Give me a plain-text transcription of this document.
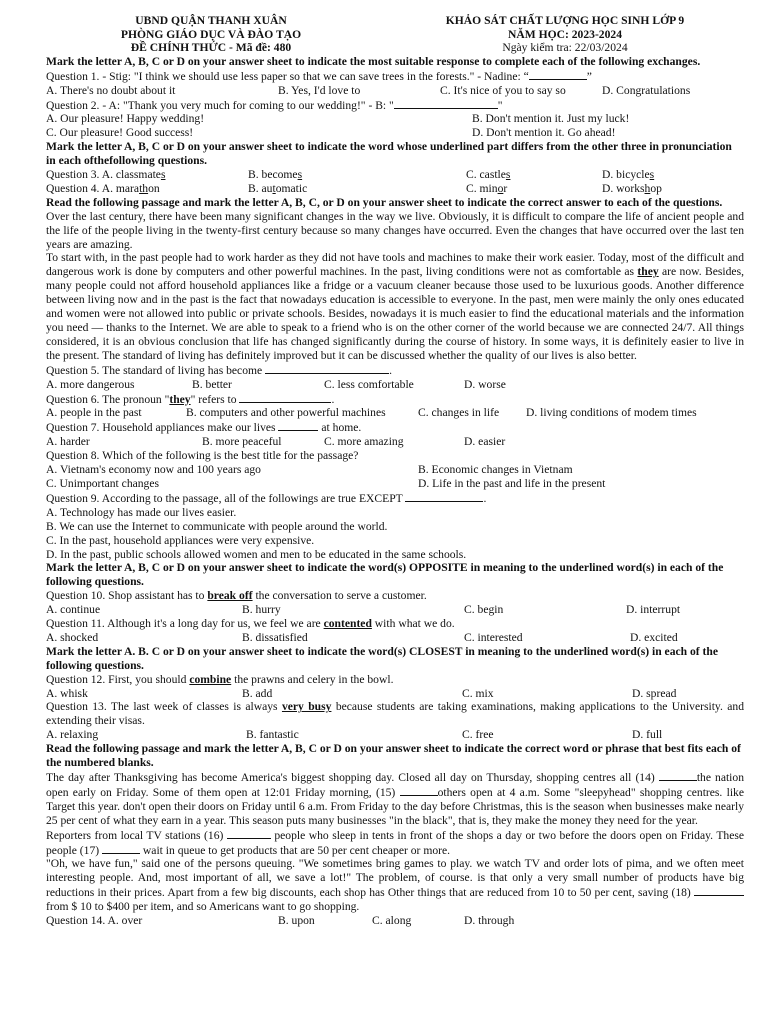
UBND QUẬN THANH XUÂN
PHÒNG GIÁO DỤC VÀ ĐÀO TẠO
ĐỀ CHÍNH THỨC - Mã đề: 480
KHẢO SÁT CHẤT LƯỢNG HỌC SINH LỚP 9
NĂM HỌC: 2023-2024
Ngày kiểm tra: 22/03/2024
Mark the letter A, B, C or D on your answer sheet to indicate the most suitable response to complete each of the following exchanges.
Question 1. - Stig: "I think we should use less paper so that we can save trees in the forests." - Nadine: “	”
A. There's no doubt about it	B. Yes, I'd love to	C. It's nice of you to say so	D. Congratulations
Question 2. - A: "Thank you very much for coming to our wedding!" - B: "	"
A. Our pleasure! Happy wedding!	B. Don't mention it. Just my luck!
C. Our pleasure! Good success!	D. Don't mention it. Go ahead!
Mark the letter A, B, C or D on your answer sheet to indicate the word whose underlined part differs from the other three in pronunciation in each ofthefollowing questions.
Question 3. A. classmates	B. becomes	C. castles	D. bicycles
Question 4. A. marathon	B. automatic	C. minor	D. workshop
Read the following passage and mark the letter A, B, C, or D on your answer sheet to indicate the correct answer to each of the questions.
Over the last century, there have been many significant changes in the way we live. Obviously, it is difficult to compare the life of ancient people and the life of the people living in the twenty-first century because so many changes have occurred. Even the changes that have occurred over the last ten years are amazing.
To start with, in the past people had to work harder as they did not have tools and machines to make their work easier. Today, most of the difficult and dangerous work is done by computers and other powerful machines. In the past, living conditions were not as comfortable as they are now. Besides, many people could not afford household appliances like a fridge or a vacuum cleaner because those used to be luxurious goods. Another difference between living now and in the past is the fact that nowadays education is accessible to everyone. In the past, men were mainly the only ones educated and women were not allowed into public or private schools. Besides, nowadays it is much easier to find the educational materials and the information you need — thanks to the Internet. We are able to speak to a friend who is on the other corner of the world because we are connected 24/7. All things considered, it is an obvious conclusion that life has changed significantly during the course of history. In some ways, it is definitely easier to live in the present. The standard of living has definitely improved but it can be discussed whether the quality of our lives is also better.
Question 5. The standard of living has become	.
A. more dangerous	B. better	C. less comfortable	D. worse
Question 6. The pronoun "they" refers to	.
A. people in the past	B. computers and other powerful machines	C. changes in life	D. living conditions of modem times
Question 7. Household appliances make our lives	at home.
A. harder	B. more peaceful	C. more amazing	D. easier
Question 8. Which of the following is the best title for the passage?
A. Vietnam's economy now and 100 years ago	B. Economic changes in Vietnam
C. Unimportant changes	D. Life in the past and life in the present
Question 9. According to the passage, all of the followings are true EXCEPT	.
A. Technology has made our lives easier.
B. We can use the Internet to communicate with people around the world.
C. In the past, household appliances were very expensive.
D. In the past, public schools allowed women and men to be educated in the same schools.
Mark the letter A, B, C or D on your answer sheet to indicate the word(s) OPPOSITE in meaning to the underlined word(s) in each of the following questions.
Question 10. Shop assistant has to break off the conversation to serve a customer.
A. continue	B. hurry	C. begin	D. interrupt
Question 11. Although it's a long day for us, we feel we are contented with what we do.
A. shocked	B. dissatisfied	C. interested	D. excited
Mark the letter A. B. C or D on your answer sheet to indicate the word(s) CLOSEST in meaning to the underlined word(s) in each of the following questions.
Question 12. First, you should combine the prawns and celery in the bowl.
A. whisk	B. add	C. mix	D. spread
Question 13. The last week of classes is always very busy because students are taking examinations, making applications to the University. and extending their visas.
A. relaxing	B. fantastic	C. free	D. full
Read the following passage and mark the letter A, B, C or D on your answer sheet to indicate the correct word or phrase that best fits each of the numbered blanks.
The day after Thanksgiving has become America's biggest shopping day. Closed all day on Thursday, shopping centres all (14)	the nation open early on Friday. Some of them open at 12:01 Friday morning, (15)	others open at 4 a.m. Some "sleepyhead" shopping centres. like Target this year. don't open their doors on Friday until 6 a.m. From Friday to the day before Christmas, this is the season when businesses make nearly 25 per cent of what they earn in a year. This season puts many businesses "in the black", that is, they make the money they need for the year.
Reporters from local TV stations (16)	people who sleep in tents in front of the shops a day or two before the doors open on Friday. These people (17)	wait in queue to get products that are 50 per cent cheaper or more.
"Oh, we have fun," said one of the persons queuing. "We sometimes bring games to play. we watch TV and order lots of pima, and we often meet interesting people. And, most important of all, we save a lot!" The problem, of course. is that only a very small number of products have big reductions in their prices. Apart from a few big discounts, each shop has Other things that are reduced from 10 to 50 per cent, saving (18)  from $ 10 to $400 per item, and so Americans want to go shopping.
Question 14. A. over	B. upon	C. along	D. through
